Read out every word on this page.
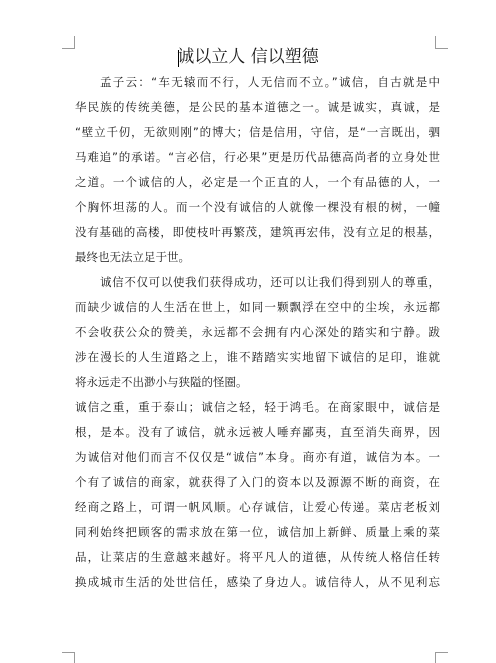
诚以立人 信以塑德
孟子云：“车无辕而不行，人无信而不立。”诚信，自古就是中
华民族的传统美德，是公民的基本道德之一。诚是诚实，真诚，是
“壁立千仞，无欲则刚”的博大；信是信用，守信，是“一言既出，驷
马难追”的承诺。“言必信，行必果”更是历代品德高尚者的立身处世
之道。一个诚信的人，必定是一个正直的人，一个有品德的人，一
个胸怀坦荡的人。而一个没有诚信的人就像一棵没有根的树，一幢
没有基础的高楼，即使枝叶再繁茂，建筑再宏伟，没有立足的根基，
最终也无法立足于世。
诚信不仅可以使我们获得成功，还可以让我们得到别人的尊重，
而缺少诚信的人生活在世上，如同一颗飘浮在空中的尘埃，永远都
不会收获公众的赞美，永远都不会拥有内心深处的踏实和宁静。跋
涉在漫长的人生道路之上，谁不踏踏实实地留下诚信的足印，谁就
将永远走不出渺小与狭隘的怪圈。
诚信之重，重于泰山；诚信之轻，轻于鸿毛。在商家眼中，诚信是
根，是本。没有了诚信，就永远被人唾弃鄙夷，直至消失商界，因
为诚信对他们而言不仅仅是“诚信”本身。商亦有道，诚信为本。一
个有了诚信的商家，就获得了入门的资本以及源源不断的商资，在
经商之路上，可谓一帆风顺。心存诚信，让爱心传递。菜店老板刘
同利始终把顾客的需求放在第一位，诚信加上新鲜、质量上乘的菜
品，让菜店的生意越来越好。将平凡人的道德，从传统人格信任转
换成城市生活的处世信任，感染了身边人。诚信待人，从不见利忘
